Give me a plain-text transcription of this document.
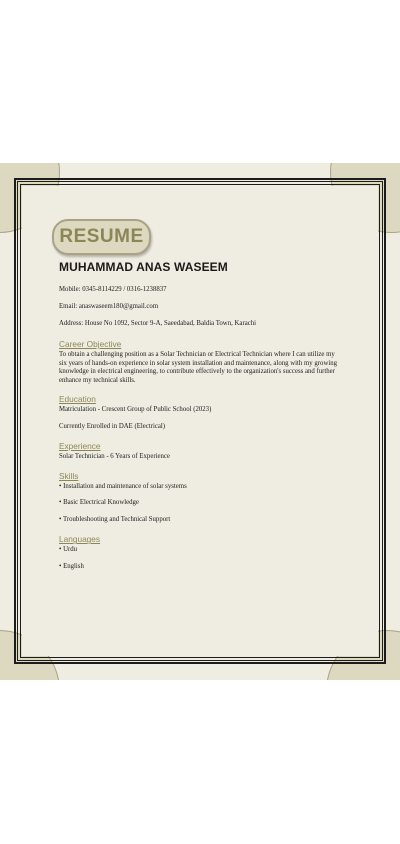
RESUME
MUHAMMAD ANAS WASEEM
Mobile: 0345-8114229 / 0316-1238837
Email: anaswaseem180@gmail.com
Address: House No 1092, Sector 9-A, Saeedabad, Baldia Town, Karachi
Career Objective
To obtain a challenging position as a Solar Technician or Electrical Technician where I can utilize my six years of hands-on experience in solar system installation and maintenance, along with my growing knowledge in electrical engineering, to contribute effectively to the organization's success and further enhance my technical skills.
Education
Matriculation - Crescent Group of Public School (2023)
Currently Enrolled in DAE (Electrical)
Experience
Solar Technician - 6 Years of Experience
Skills
• Installation and maintenance of solar systems
• Basic Electrical Knowledge
• Troubleshooting and Technical Support
Languages
• Urdu
• English
